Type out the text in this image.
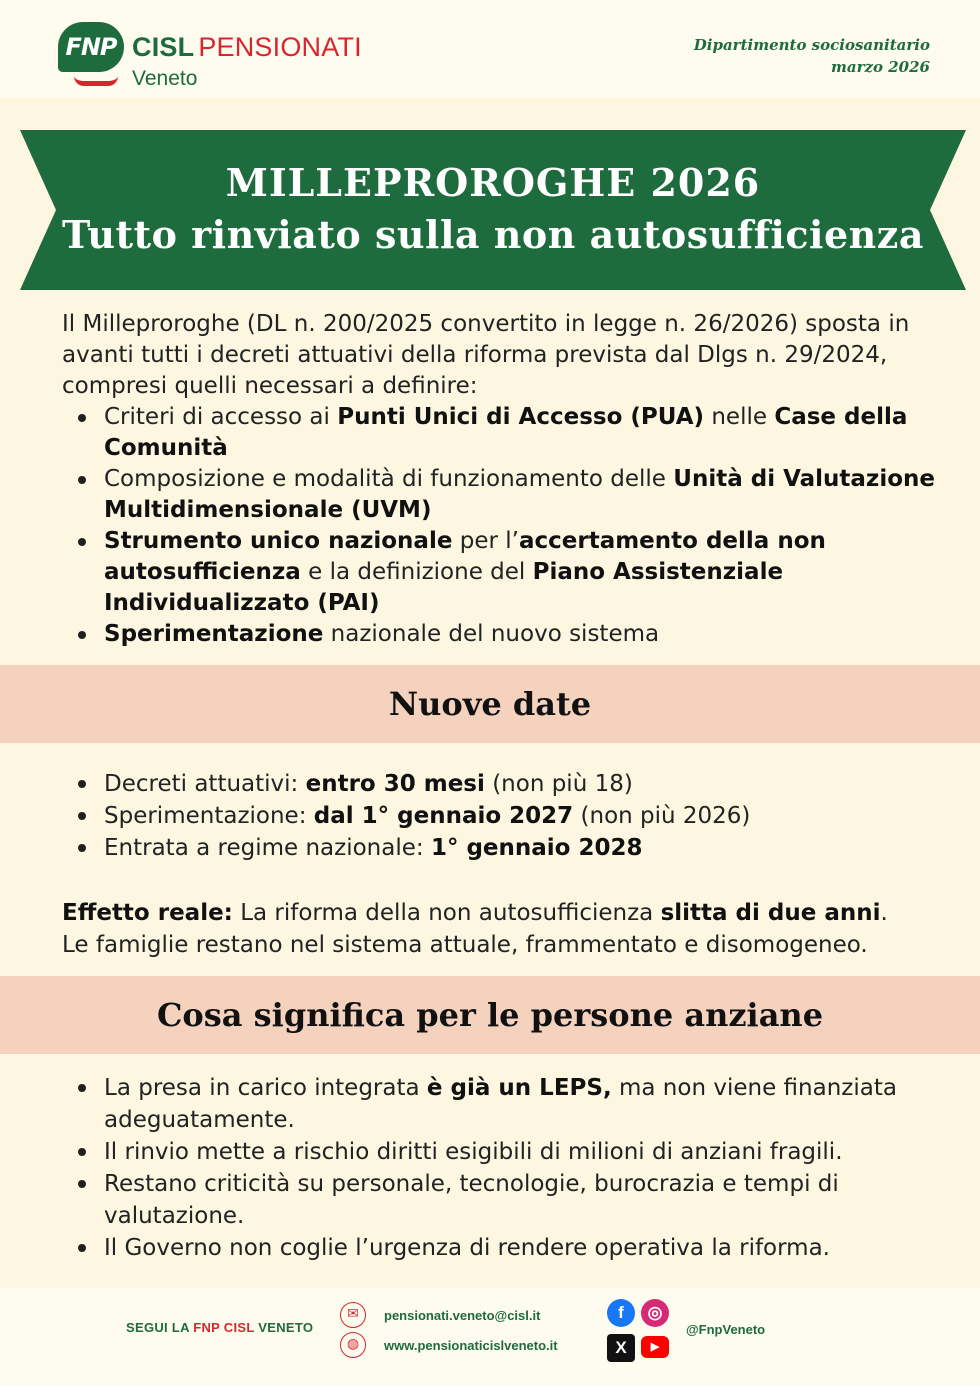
FNP CISL PENSIONATI
Veneto
Dipartimento sociosanitario
marzo 2026
MILLEPROROGHE 2026
Tutto rinviato sulla non autosufficienza

Il Milleproroghe (DL n. 200/2025 convertito in legge n. 26/2026) sposta in avanti tutti i decreti attuativi della riforma prevista dal Dlgs n. 29/2024, compresi quelli necessari a definire:

Criteri di accesso ai Punti Unici di Accesso (PUA) nelle Case della Comunità
Composizione e modalità di funzionamento delle Unità di Valutazione Multidimensionale (UVM)
Strumento unico nazionale per l’accertamento della non autosufficienza e la definizione del Piano Assistenziale Individualizzato (PAI)
Sperimentazione nazionale del nuovo sistema
Nuove date
Decreti attuativi: entro 30 mesi (non più 18)
Sperimentazione: dal 1° gennaio 2027 (non più 2026)
Entrata a regime nazionale: 1° gennaio 2028
Effetto reale: La riforma della non autosufficienza slitta di due anni.
Le famiglie restano nel sistema attuale, frammentato e disomogeneo.
Cosa significa per le persone anziane
La presa in carico integrata è già un LEPS, ma non viene finanziata adeguatamente.
Il rinvio mette a rischio diritti esigibili di milioni di anziani fragili.
Restano criticità su personale, tecnologie, burocrazia e tempi di valutazione.
Il Governo non coglie l’urgenza di rendere operativa la riforma.
SEGUI LA FNP CISL VENETO
✉	pensionati.veneto@cisl.it
◍	www.pensionaticislveneto.it
f	◎
X	▶
@FnpVeneto
